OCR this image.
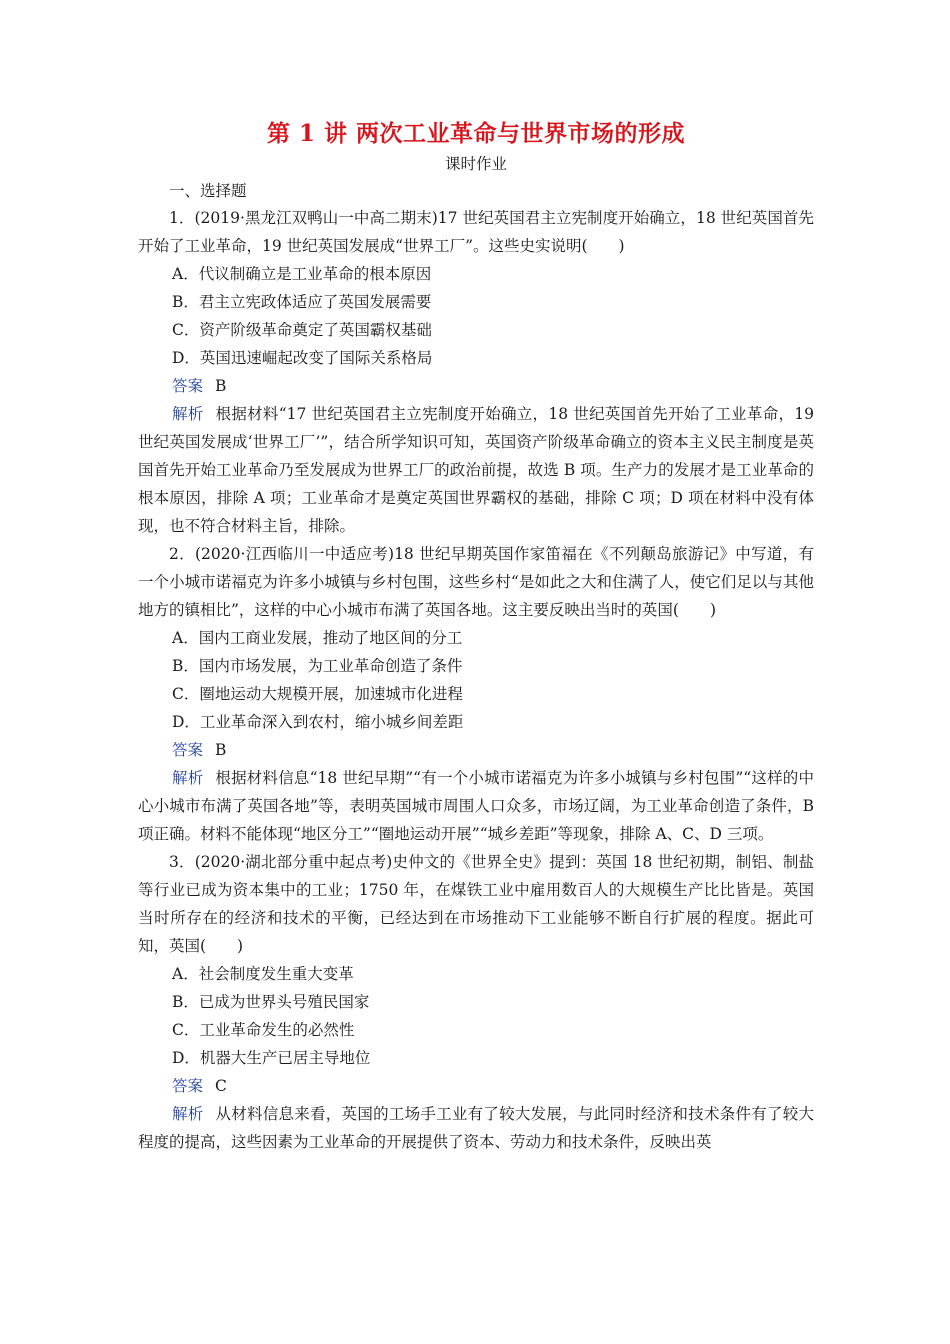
第 1 讲 两次工业革命与世界市场的形成
课时作业
一、选择题

1．(2019·黑龙江双鸭山一中高二期末)17 世纪英国君主立宪制度开始确立，18 世纪英国首先开始了工业革命，19 世纪英国发展成“世界工厂”。这些史实说明(　　)

A．代议制确立是工业革命的根本原因

B．君主立宪政体适应了英国发展需要

C．资产阶级革命奠定了英国霸权基础

D．英国迅速崛起改变了国际关系格局

答案 B

解析 根据材料“17 世纪英国君主立宪制度开始确立，18 世纪英国首先开始了工业革命，19 世纪英国发展成‘世界工厂’”，结合所学知识可知，英国资产阶级革命确立的资本主义民主制度是英国首先开始工业革命乃至发展成为世界工厂的政治前提，故选 B 项。生产力的发展才是工业革命的根本原因，排除 A 项；工业革命才是奠定英国世界霸权的基础，排除 C 项；D 项在材料中没有体现，也不符合材料主旨，排除。

2．(2020·江西临川一中适应考)18 世纪早期英国作家笛福在《不列颠岛旅游记》中写道，有一个小城市诺福克为许多小城镇与乡村包围，这些乡村“是如此之大和住满了人，使它们足以与其他地方的镇相比”，这样的中心小城市布满了英国各地。这主要反映出当时的英国(　　)

A．国内工商业发展，推动了地区间的分工

B．国内市场发展，为工业革命创造了条件

C．圈地运动大规模开展，加速城市化进程

D．工业革命深入到农村，缩小城乡间差距

答案 B

解析 根据材料信息“18 世纪早期”“有一个小城市诺福克为许多小城镇与乡村包围”“这样的中心小城市布满了英国各地”等，表明英国城市周围人口众多，市场辽阔，为工业革命创造了条件，B 项正确。材料不能体现“地区分工”“圈地运动开展”“城乡差距”等现象，排除 A、C、D 三项。

3．(2020·湖北部分重中起点考)史仲文的《世界全史》提到：英国 18 世纪初期，制铝、制盐等行业已成为资本集中的工业；1750 年，在煤铁工业中雇用数百人的大规模生产比比皆是。英国当时所存在的经济和技术的平衡，已经达到在市场推动下工业能够不断自行扩展的程度。据此可知，英国(　　)

A．社会制度发生重大变革

B．已成为世界头号殖民国家

C．工业革命发生的必然性

D．机器大生产已居主导地位

答案 C

解析 从材料信息来看，英国的工场手工业有了较大发展，与此同时经济和技术条件有了较大程度的提高，这些因素为工业革命的开展提供了资本、劳动力和技术条件，反映出英
